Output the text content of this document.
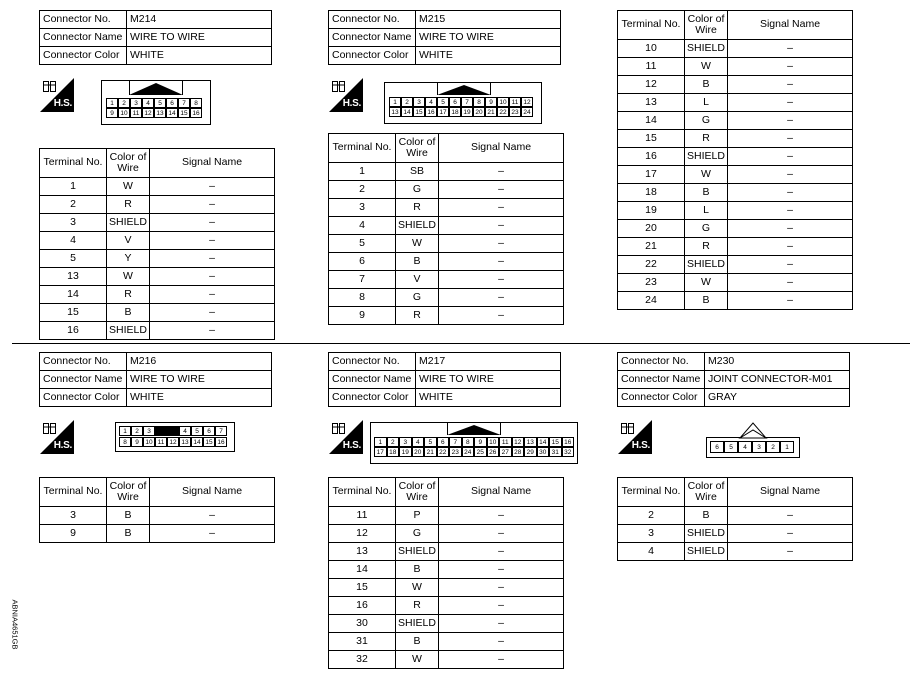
Connector No.	M214
Connector Name	WIRE TO WIRE
Connector Color	WHITE
H.S.	1	2	3	4	5	6	7	8
9	10 11 12 13 14 15 16
Terminal No.	Color of Wire	Signal Name
1	W	–
2	R	–
3	SHIELD	–
4	V	–
5	Y	–
13	W	–
14	R	–
15	B	–
16	SHIELD	–
Connector No.	M215
Connector Name	WIRE TO WIRE
Connector Color	WHITE
H.S.	1	2	3	4	5	6	7	8	9	10 11 12
13 14 15 16 17 18 19 20 21 22 23 24
Terminal No.	Color of Wire	Signal Name
1	SB	–
2	G	–
3	R	–
4	SHIELD	–
5	W	–
6	B	–
7	V	–
8	G	–
9	R	–
Terminal No.	Color of Wire	Signal Name
10	SHIELD	–
11	W	–
12	B	–
13	L	–
14	G	–
15	R	–
16	SHIELD	–
17	W	–
18	B	–
19	L	–
20	G	–
21	R	–
22	SHIELD	–
23	W	–
24	B	–
Connector No.	M216
Connector Name	WIRE TO WIRE
Connector Color	WHITE
H.S.
1	2	3	4	5	6	7
8	9	10 11 12 13 14 15 16
Terminal No.	Color of Wire	Signal Name
3	B	–
9	B	–
Connector No.	M217
Connector Name	WIRE TO WIRE
Connector Color	WHITE
H.S.	1	2	3	4	5	6	7	8	9	10 11 12 13 14 15 16
17 18 19 20 21 22 23 24 25 26 27 28 29 30 31 32
Terminal No.	Color of Wire	Signal Name
11	P	–
12	G	–
13	SHIELD	–
14	B	–
15	W	–
16	R	–
30	SHIELD	–
31	B	–
32	W	–
Connector No.	M230
Connector Name	JOINT CONNECTOR-M01
Connector Color	GRAY
H.S.	6	5	4	3	2	1
Terminal No.	Color of Wire	Signal Name
2	B	–
3	SHIELD	–
4	SHIELD	–
ABNIA4651GB
